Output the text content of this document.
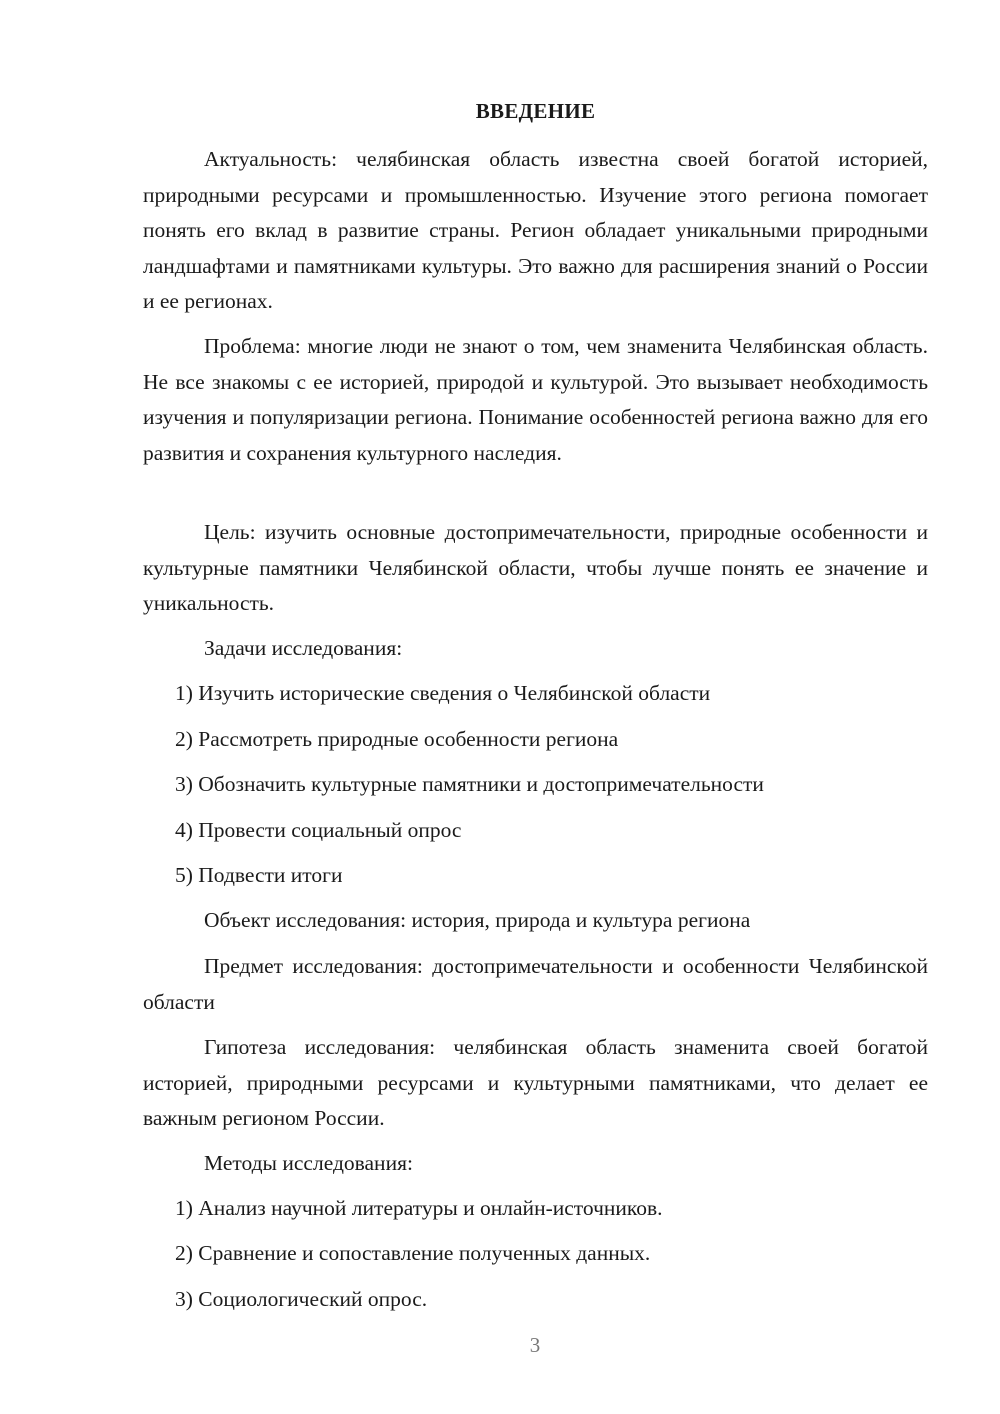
ВВЕДЕНИЕ

Актуальность: челябинская область известна своей богатой историей, природными ресурсами и промышленностью. Изучение этого региона помогает понять его вклад в развитие страны. Регион обладает уникальными природными ландшафтами и памятниками культуры. Это важно для расширения знаний о России и ее регионах.

Проблема: многие люди не знают о том, чем знаменита Челябинская область. Не все знакомы с ее историей, природой и культурой. Это вызывает необходимость изучения и популяризации региона. Понимание особенностей региона важно для его развития и сохранения культурного наследия.

Цель: изучить основные достопримечательности, природные особенности и культурные памятники Челябинской области, чтобы лучше понять ее значение и уникальность.

Задачи исследования:
1) Изучить исторические сведения о Челябинской области
2) Рассмотреть природные особенности региона
3) Обозначить культурные памятники и достопримечательности
4) Провести социальный опрос
5) Подвести итоги
Объект исследования: история, природа и культура региона

Предмет исследования: достопримечательности и особенности Челябинской области

Гипотеза исследования: челябинская область знаменита своей богатой историей, природными ресурсами и культурными памятниками, что делает ее важным регионом России.

Методы исследования:
1) Анализ научной литературы и онлайн-источников.
2) Сравнение и сопоставление полученных данных.
3) Социологический опрос.
3
